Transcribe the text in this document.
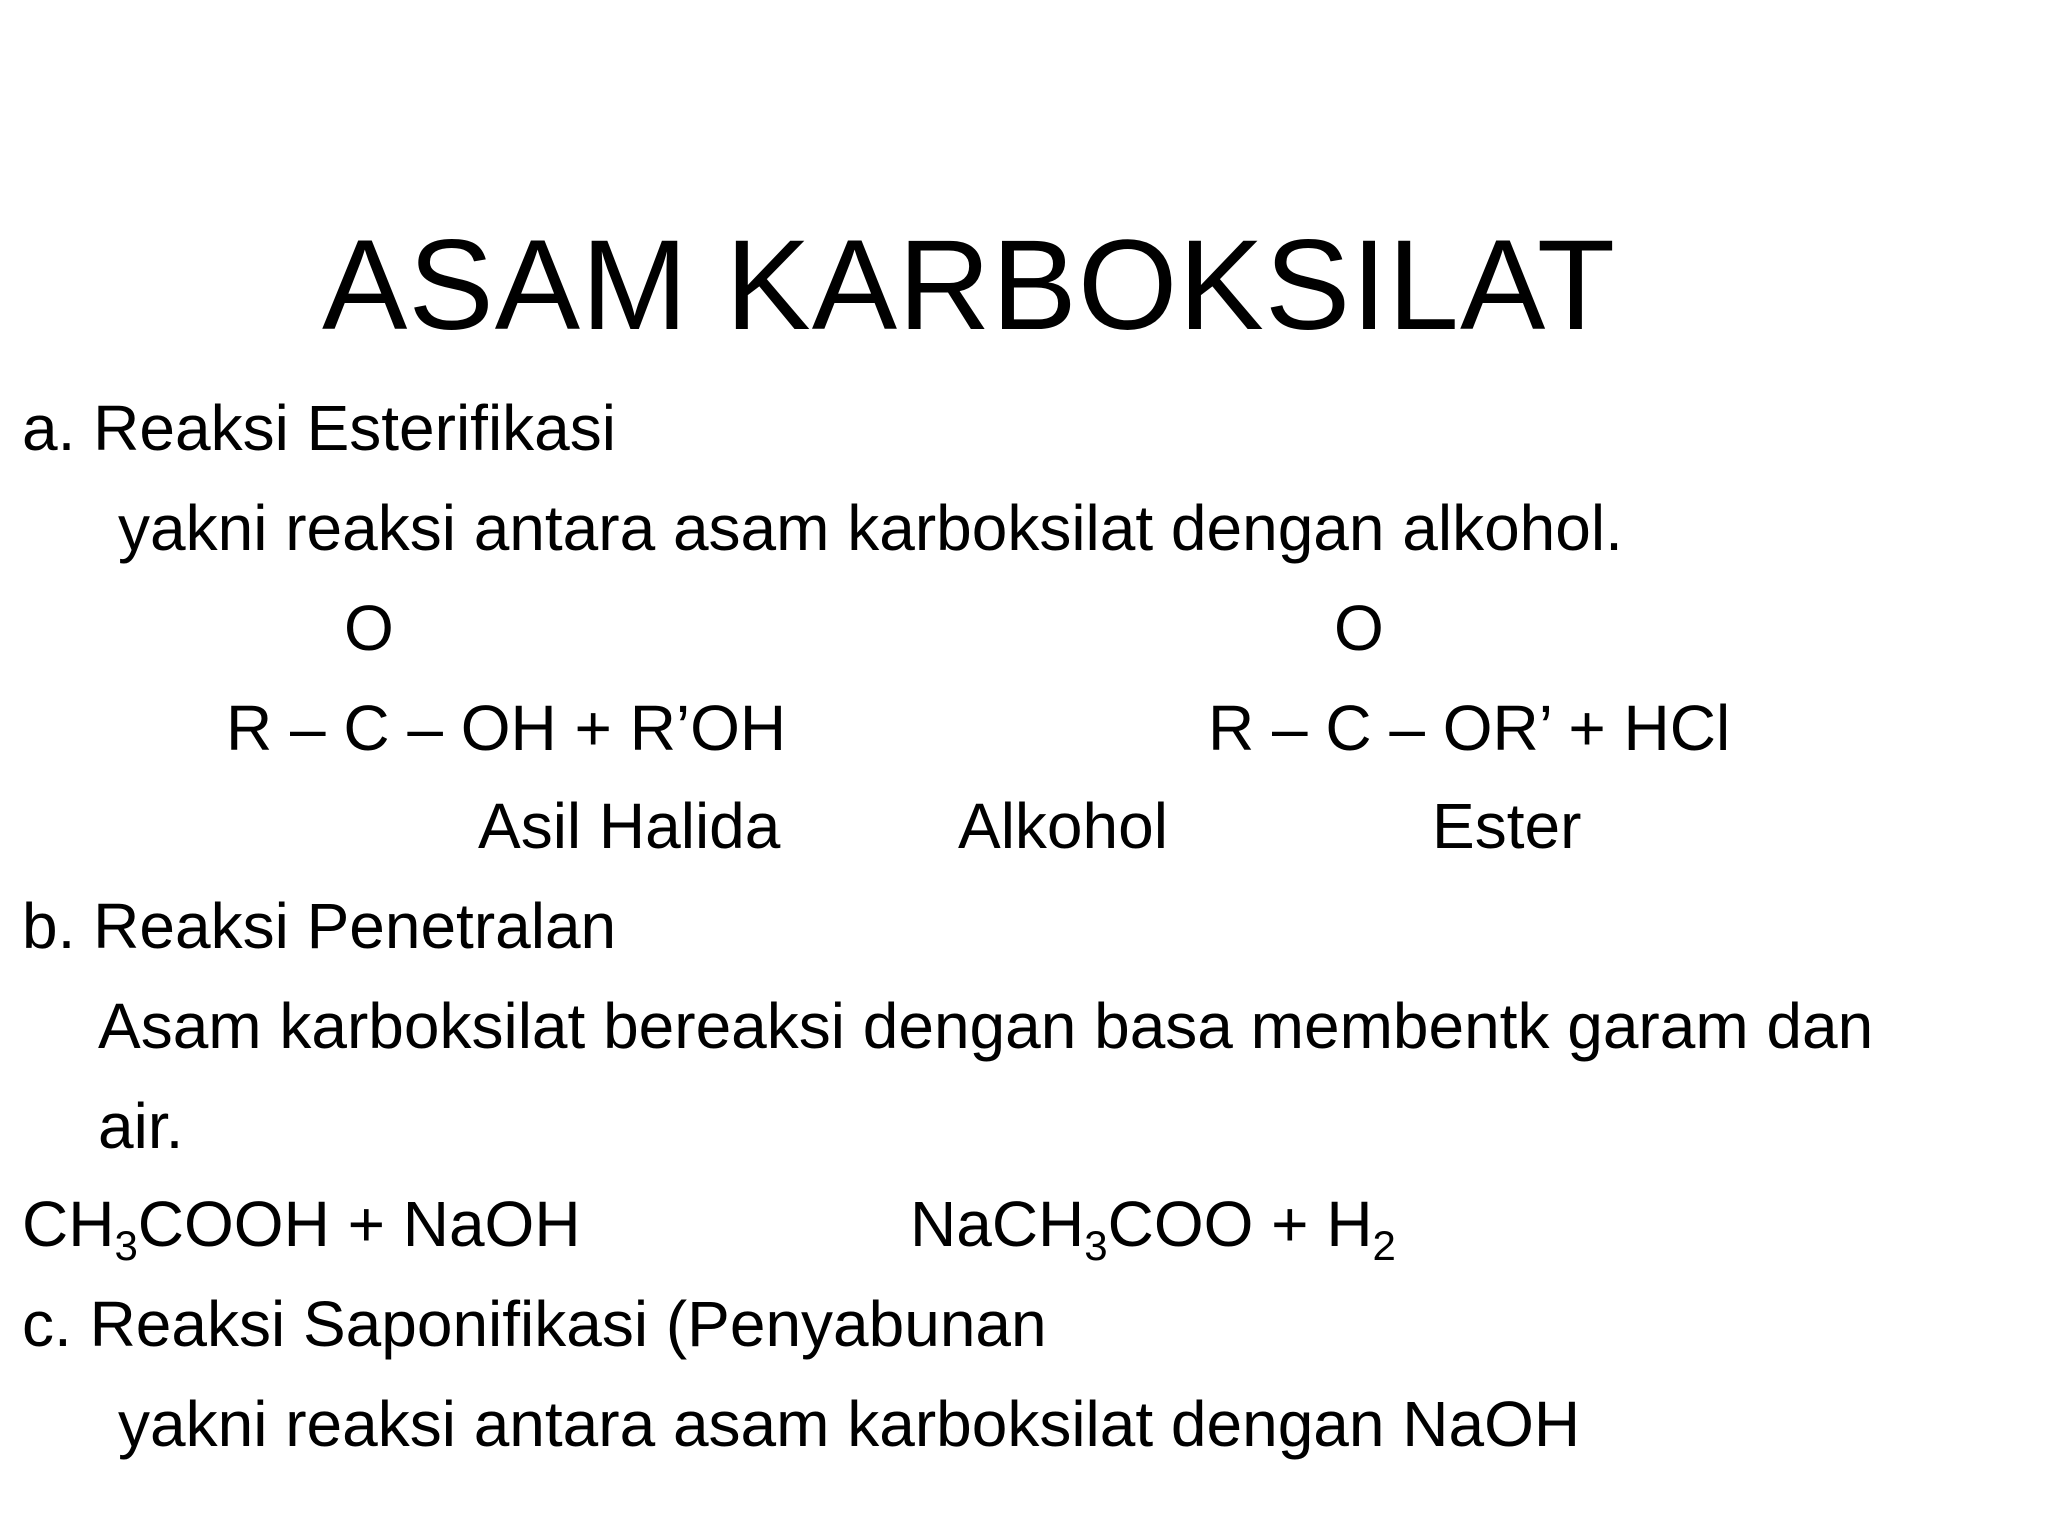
ASAM KARBOKSILAT
a. Reaksi Esterifikasi
yakni reaksi antara asam karboksilat dengan alkohol.
O	O
R – C – OH + R’OH	R – C – OR’ + HCl
Asil Halida	Alkohol	Ester
b. Reaksi Penetralan
Asam karboksilat bereaksi dengan basa membentk garam dan
air.
$CH_3COOH$ + NaOH	NaCH$_3$COO + $H_2$
c. Reaksi Saponifikasi (Penyabunan
yakni reaksi antara asam karboksilat dengan NaOH
